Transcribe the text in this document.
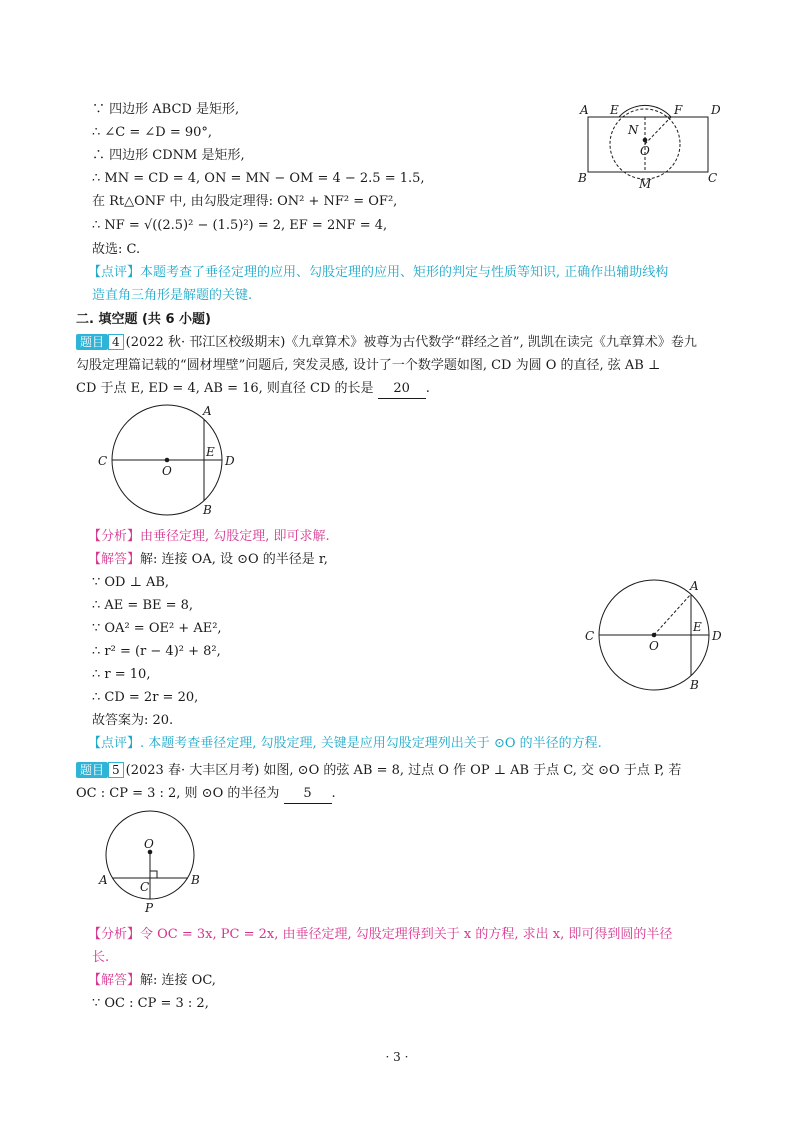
∵ 四边形 ABCD 是矩形,
∴ ∠C = ∠D = 90°,
∴ 四边形 CDNM 是矩形,
∴ MN = CD = 4, ON = MN − OM = 4 − 2.5 = 1.5,
在 Rt△ONF 中, 由勾股定理得: ON² + NF² = OF²,
∴ NF = √((2.5)² − (1.5)²) = 2, EF = 2NF = 4,
故选: C.
【点评】本题考查了垂径定理的应用、勾股定理的应用、矩形的判定与性质等知识, 正确作出辅助线构
造直角三角形是解题的关键.
A E	F D
N
O
B	M	C
二. 填空题 (共 6 小题)
题目 4 (2022 秋· 邗江区校级期末)《九章算术》被尊为古代数学“群经之首”, 凯凯在读完《九章算术》卷九
勾股定理篇记载的“圆材埋壁”问题后, 突发灵感, 设计了一个数学题如图, CD 为圆 O 的直径, 弦 AB ⊥
CD 于点 E, ED = 4, AB = 16, 则直径 CD 的长是 20 .
C
O
E
D
A
B
【分析】由垂径定理, 勾股定理, 即可求解.
【解答】解: 连接 OA, 设 ⊙O 的半径是 r,
∵ OD ⊥ AB,
∴ AE = BE = 8,
∵ OA² = OE² + AE²,
∴ r² = (r − 4)² + 8²,
∴ r = 10,
∴ CD = 2r = 20,
故答案为: 20.
【点评】. 本题考查垂径定理, 勾股定理, 关键是应用勾股定理列出关于 ⊙O 的半径的方程.
C
O
E
D
A
B
题目 5 (2023 春· 大丰区月考) 如图, ⊙O 的弦 AB = 8, 过点 O 作 OP ⊥ AB 于点 C, 交 ⊙O 于点 P, 若
OC : CP = 3 : 2, 则 ⊙O 的半径为 5 .
O
A	B
C
P
【分析】令 OC = 3x, PC = 2x, 由垂径定理, 勾股定理得到关于 x 的方程, 求出 x, 即可得到圆的半径
长.
【解答】解: 连接 OC,
∵ OC : CP = 3 : 2,
· 3 ·
